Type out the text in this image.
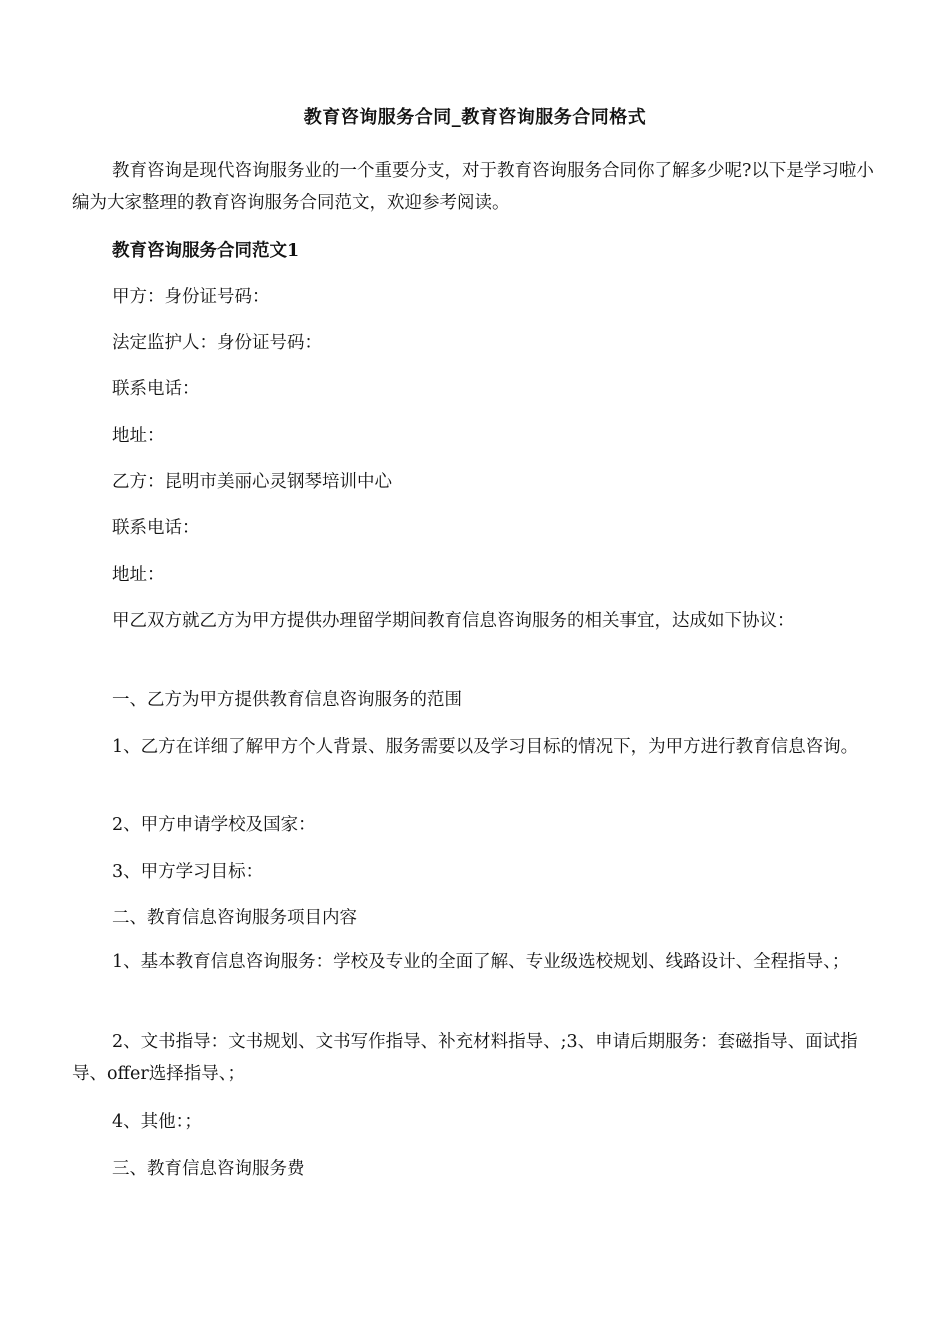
教育咨询服务合同_教育咨询服务合同格式

教育咨询是现代咨询服务业的一个重要分支，对于教育咨询服务合同你了解多少呢?以下是学习啦小编为大家整理的教育咨询服务合同范文，欢迎参考阅读。

教育咨询服务合同范文1

甲方：身份证号码：

法定监护人：身份证号码：

联系电话：

地址：

乙方：昆明市美丽心灵钢琴培训中心

联系电话：

地址：

甲乙双方就乙方为甲方提供办理留学期间教育信息咨询服务的相关事宜，达成如下协议：

一、乙方为甲方提供教育信息咨询服务的范围

1、乙方在详细了解甲方个人背景、服务需要以及学习目标的情况下，为甲方进行教育信息咨询。

2、甲方申请学校及国家：

3、甲方学习目标：

二、教育信息咨询服务项目内容

1、基本教育信息咨询服务：学校及专业的全面了解、专业级选校规划、线路设计、全程指导、；

2、文书指导：文书规划、文书写作指导、补充材料指导、;3、申请后期服务：套磁指导、面试指导、offer选择指导、；

4、其他：；

三、教育信息咨询服务费
